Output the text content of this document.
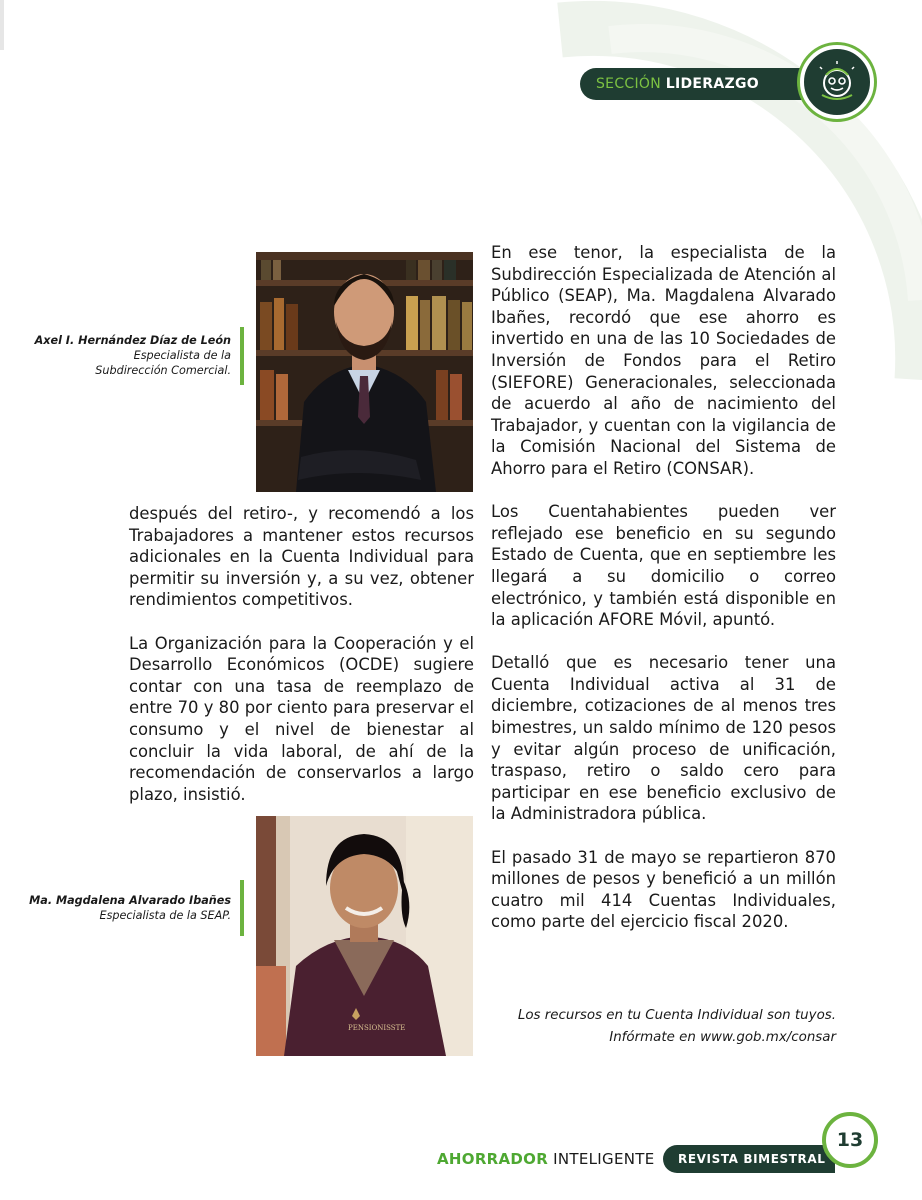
SECCIÓN LIDERAZGO
PENSIONISSTE
Axel I. Hernández Díaz de León
Especialista de la
Subdirección Comercial.
Ma. Magdalena Alvarado Ibañes
Especialista de la SEAP.

después del retiro-, y recomendó a los Trabajadores a mantener estos recursos adicionales en la Cuenta Individual para permitir su inversión y, a su vez, obtener rendimientos competitivos.

La Organización para la Cooperación y el Desarrollo Económicos (OCDE) sugiere contar con una tasa de reemplazo de entre 70 y 80 por ciento para preservar el consumo y el nivel de bienestar al concluir la vida laboral, de ahí de la recomendación de conservarlos a largo plazo, insistió.

En ese tenor, la especialista de la Subdirección Especializada de Atención al Público (SEAP), Ma. Magdalena Alvarado Ibañes, recordó que ese ahorro es invertido en una de las 10 Sociedades de Inversión de Fondos para el Retiro (SIEFORE) Generacionales, seleccionada de acuerdo al año de nacimiento del Trabajador, y cuentan con la vigilancia de la Comisión Nacional del Sistema de Ahorro para el Retiro (CONSAR).

Los Cuentahabientes pueden ver reflejado ese beneficio en su segundo Estado de Cuenta, que en septiembre les llegará a su domicilio o correo electrónico, y también está disponible en la aplicación AFORE Móvil, apuntó.

Detalló que es necesario tener una Cuenta Individual activa al 31 de diciembre, cotizaciones de al menos tres bimestres, un saldo mínimo de 120 pesos y evitar algún proceso de unificación, traspaso, retiro o saldo cero para participar en ese beneficio exclusivo de la Administradora pública.

El pasado 31 de mayo se repartieron 870 millones de pesos y benefició a un millón cuatro mil 414 Cuentas Individuales, como parte del ejercicio fiscal 2020.

Los recursos en tu Cuenta Individual son tuyos.
Infórmate en www.gob.mx/consar
AHORRADOR INTELIGENTE	REVISTA BIMESTRAL
13
